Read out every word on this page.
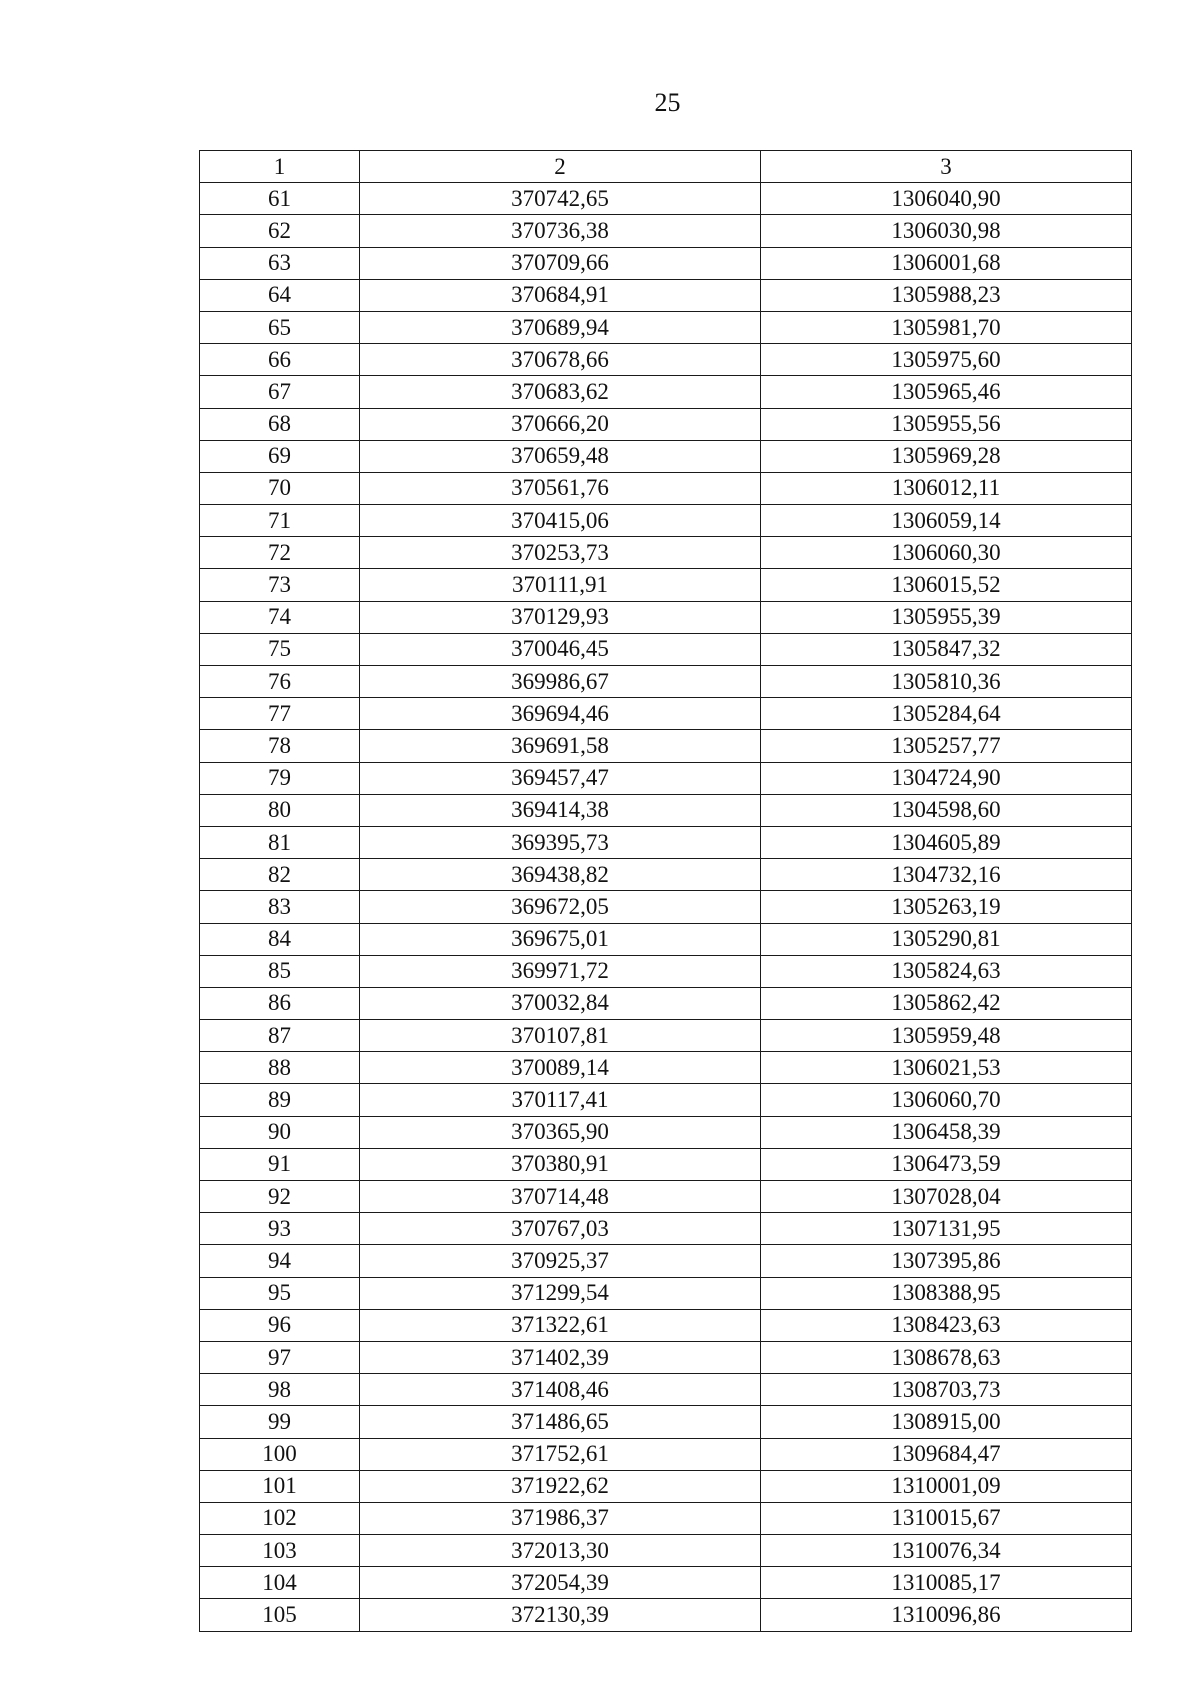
25
1	2	3
61	370742,65	1306040,90
62	370736,38	1306030,98
63	370709,66	1306001,68
64	370684,91	1305988,23
65	370689,94	1305981,70
66	370678,66	1305975,60
67	370683,62	1305965,46
68	370666,20	1305955,56
69	370659,48	1305969,28
70	370561,76	1306012,11
71	370415,06	1306059,14
72	370253,73	1306060,30
73	370111,91	1306015,52
74	370129,93	1305955,39
75	370046,45	1305847,32
76	369986,67	1305810,36
77	369694,46	1305284,64
78	369691,58	1305257,77
79	369457,47	1304724,90
80	369414,38	1304598,60
81	369395,73	1304605,89
82	369438,82	1304732,16
83	369672,05	1305263,19
84	369675,01	1305290,81
85	369971,72	1305824,63
86	370032,84	1305862,42
87	370107,81	1305959,48
88	370089,14	1306021,53
89	370117,41	1306060,70
90	370365,90	1306458,39
91	370380,91	1306473,59
92	370714,48	1307028,04
93	370767,03	1307131,95
94	370925,37	1307395,86
95	371299,54	1308388,95
96	371322,61	1308423,63
97	371402,39	1308678,63
98	371408,46	1308703,73
99	371486,65	1308915,00
100	371752,61	1309684,47
101	371922,62	1310001,09
102	371986,37	1310015,67
103	372013,30	1310076,34
104	372054,39	1310085,17
105	372130,39	1310096,86
